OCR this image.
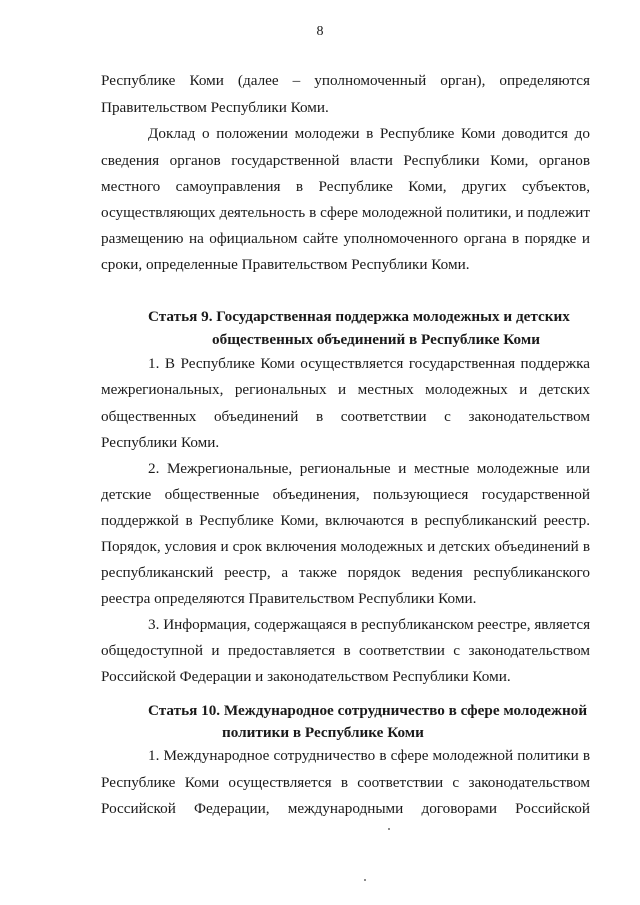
8
Республике Коми (далее – уполномоченный орган), определяются
Правительством Республики Коми.
Доклад о положении молодежи в Республике Коми доводится до
сведения органов государственной власти Республики Коми, органов
местного самоуправления в Республике Коми, других субъектов,
осуществляющих деятельность в сфере молодежной политики, и подлежит
размещению на официальном сайте уполномоченного органа в порядке и
сроки, определенные Правительством Республики Коми.
Статья 9. Государственная поддержка молодежных и детских
общественных объединений в Республике Коми
1. В Республике Коми осуществляется государственная поддержка
межрегиональных, региональных и местных молодежных и детских
общественных объединений в соответствии с законодательством
Республики Коми.
2. Межрегиональные, региональные и местные молодежные или
детские общественные объединения, пользующиеся государственной
поддержкой в Республике Коми, включаются в республиканский реестр.
Порядок, условия и срок включения молодежных и детских объединений в
республиканский реестр, а также порядок ведения республиканского
реестра определяются Правительством Республики Коми.
3. Информация, содержащаяся в республиканском реестре, является
общедоступной и предоставляется в соответствии с законодательством
Российской Федерации и законодательством Республики Коми.
Статья 10. Международное сотрудничество в сфере молодежной
политики в Республике Коми
1. Международное сотрудничество в сфере молодежной политики в
Республике Коми осуществляется в соответствии с законодательством
Российской Федерации, международными договорами Российской
